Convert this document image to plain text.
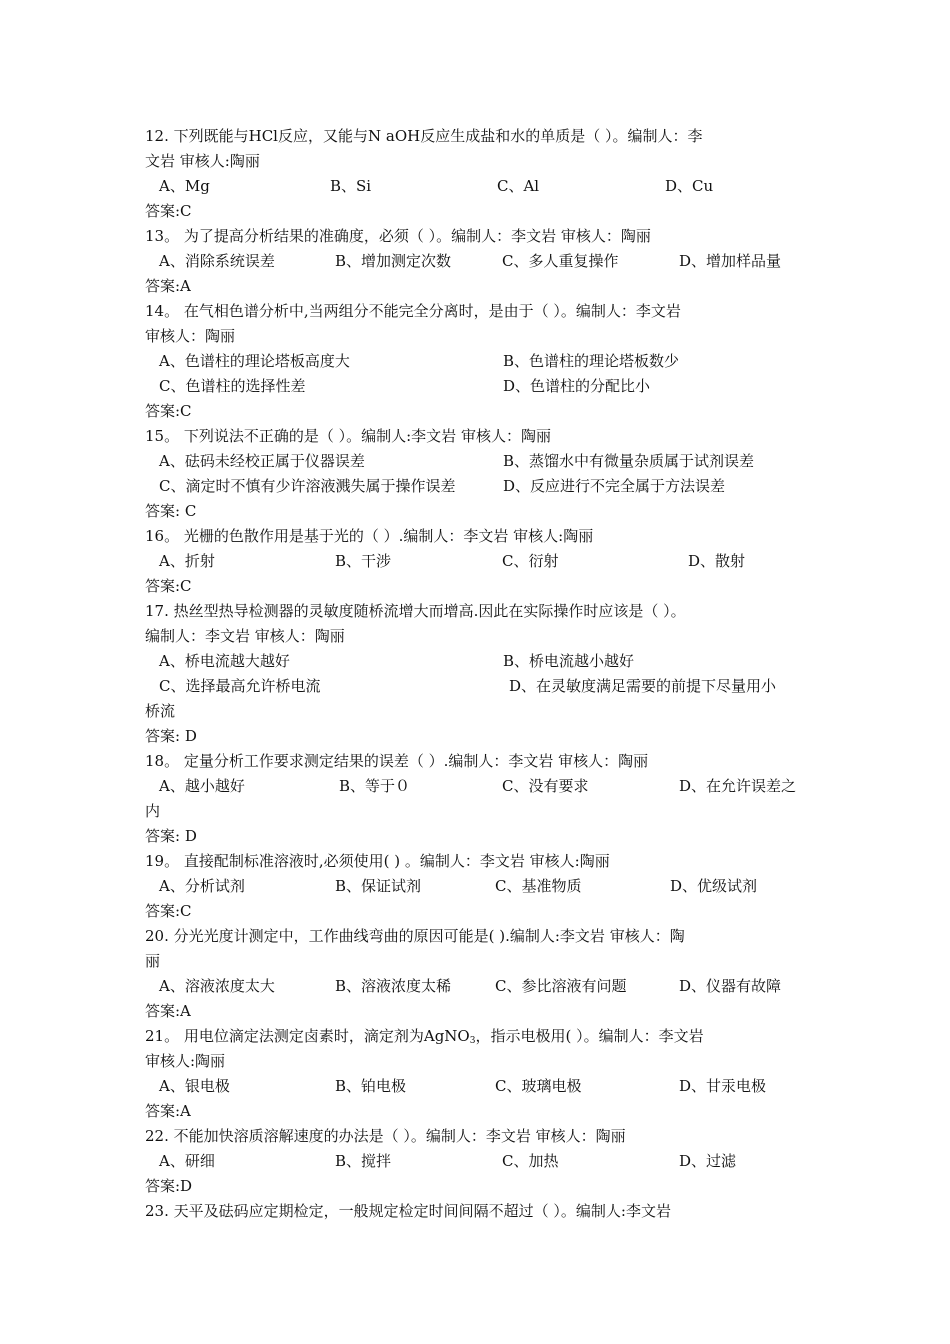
12. 下列既能与HCl反应，又能与N aOH反应生成盐和水的单质是（ ）。编制人：李
文岩 审核人:陶丽
A、Mg	B、Si	C、Al	D、Cu
答案:C
13。 为了提高分析结果的准确度，必须（ ）。编制人：李文岩 审核人：陶丽
A、消除系统误差	B、增加测定次数	C、多人重复操作	D、增加样品量
答案:A
14。 在气相色谱分析中,当两组分不能完全分离时，是由于（ ）。编制人：李文岩
审核人：陶丽
A、色谱柱的理论塔板高度大	B、色谱柱的理论塔板数少
C、色谱柱的选择性差	D、色谱柱的分配比小
答案:C
15。 下列说法不正确的是（ ）。编制人:李文岩 审核人：陶丽
A、砝码未经校正属于仪器误差	B、蒸馏水中有微量杂质属于试剂误差
C、滴定时不慎有少许溶液溅失属于操作误差	D、反应进行不完全属于方法误差
答案: C
16。 光栅的色散作用是基于光的（ ）.编制人：李文岩 审核人:陶丽
A、折射	B、干涉	C、衍射	D、散射
答案:C
17. 热丝型热导检测器的灵敏度随桥流增大而增高.因此在实际操作时应该是（ ）。
编制人：李文岩 审核人：陶丽
A、桥电流越大越好	B、桥电流越小越好
C、选择最高允许桥电流	D、在灵敏度满足需要的前提下尽量用小
桥流
答案: D
18。 定量分析工作要求测定结果的误差（ ）.编制人：李文岩 审核人：陶丽
A、越小越好	B、等于０	C、没有要求	D、在允许误差之
内
答案: D
19。 直接配制标准溶液时,必须使用( ) 。编制人：李文岩 审核人:陶丽
A、分析试剂	B、保证试剂	C、基准物质	D、优级试剂
答案:C
20. 分光光度计测定中，工作曲线弯曲的原因可能是( ).编制人:李文岩 审核人：陶
丽
A、溶液浓度太大	B、溶液浓度太稀	C、参比溶液有问题	D、仪器有故障
答案:A
21。 用电位滴定法测定卤素时，滴定剂为AgNO$_3$，指示电极用( ）。编制人：李文岩
审核人:陶丽
A、银电极	B、铂电极	C、玻璃电极	D、甘汞电极
答案:A
22. 不能加快溶质溶解速度的办法是（ ）。编制人：李文岩 审核人：陶丽
A、研细	B、搅拌	C、加热	D、过滤
答案:D
23. 天平及砝码应定期检定，一般规定检定时间间隔不超过（ ）。编制人:李文岩
